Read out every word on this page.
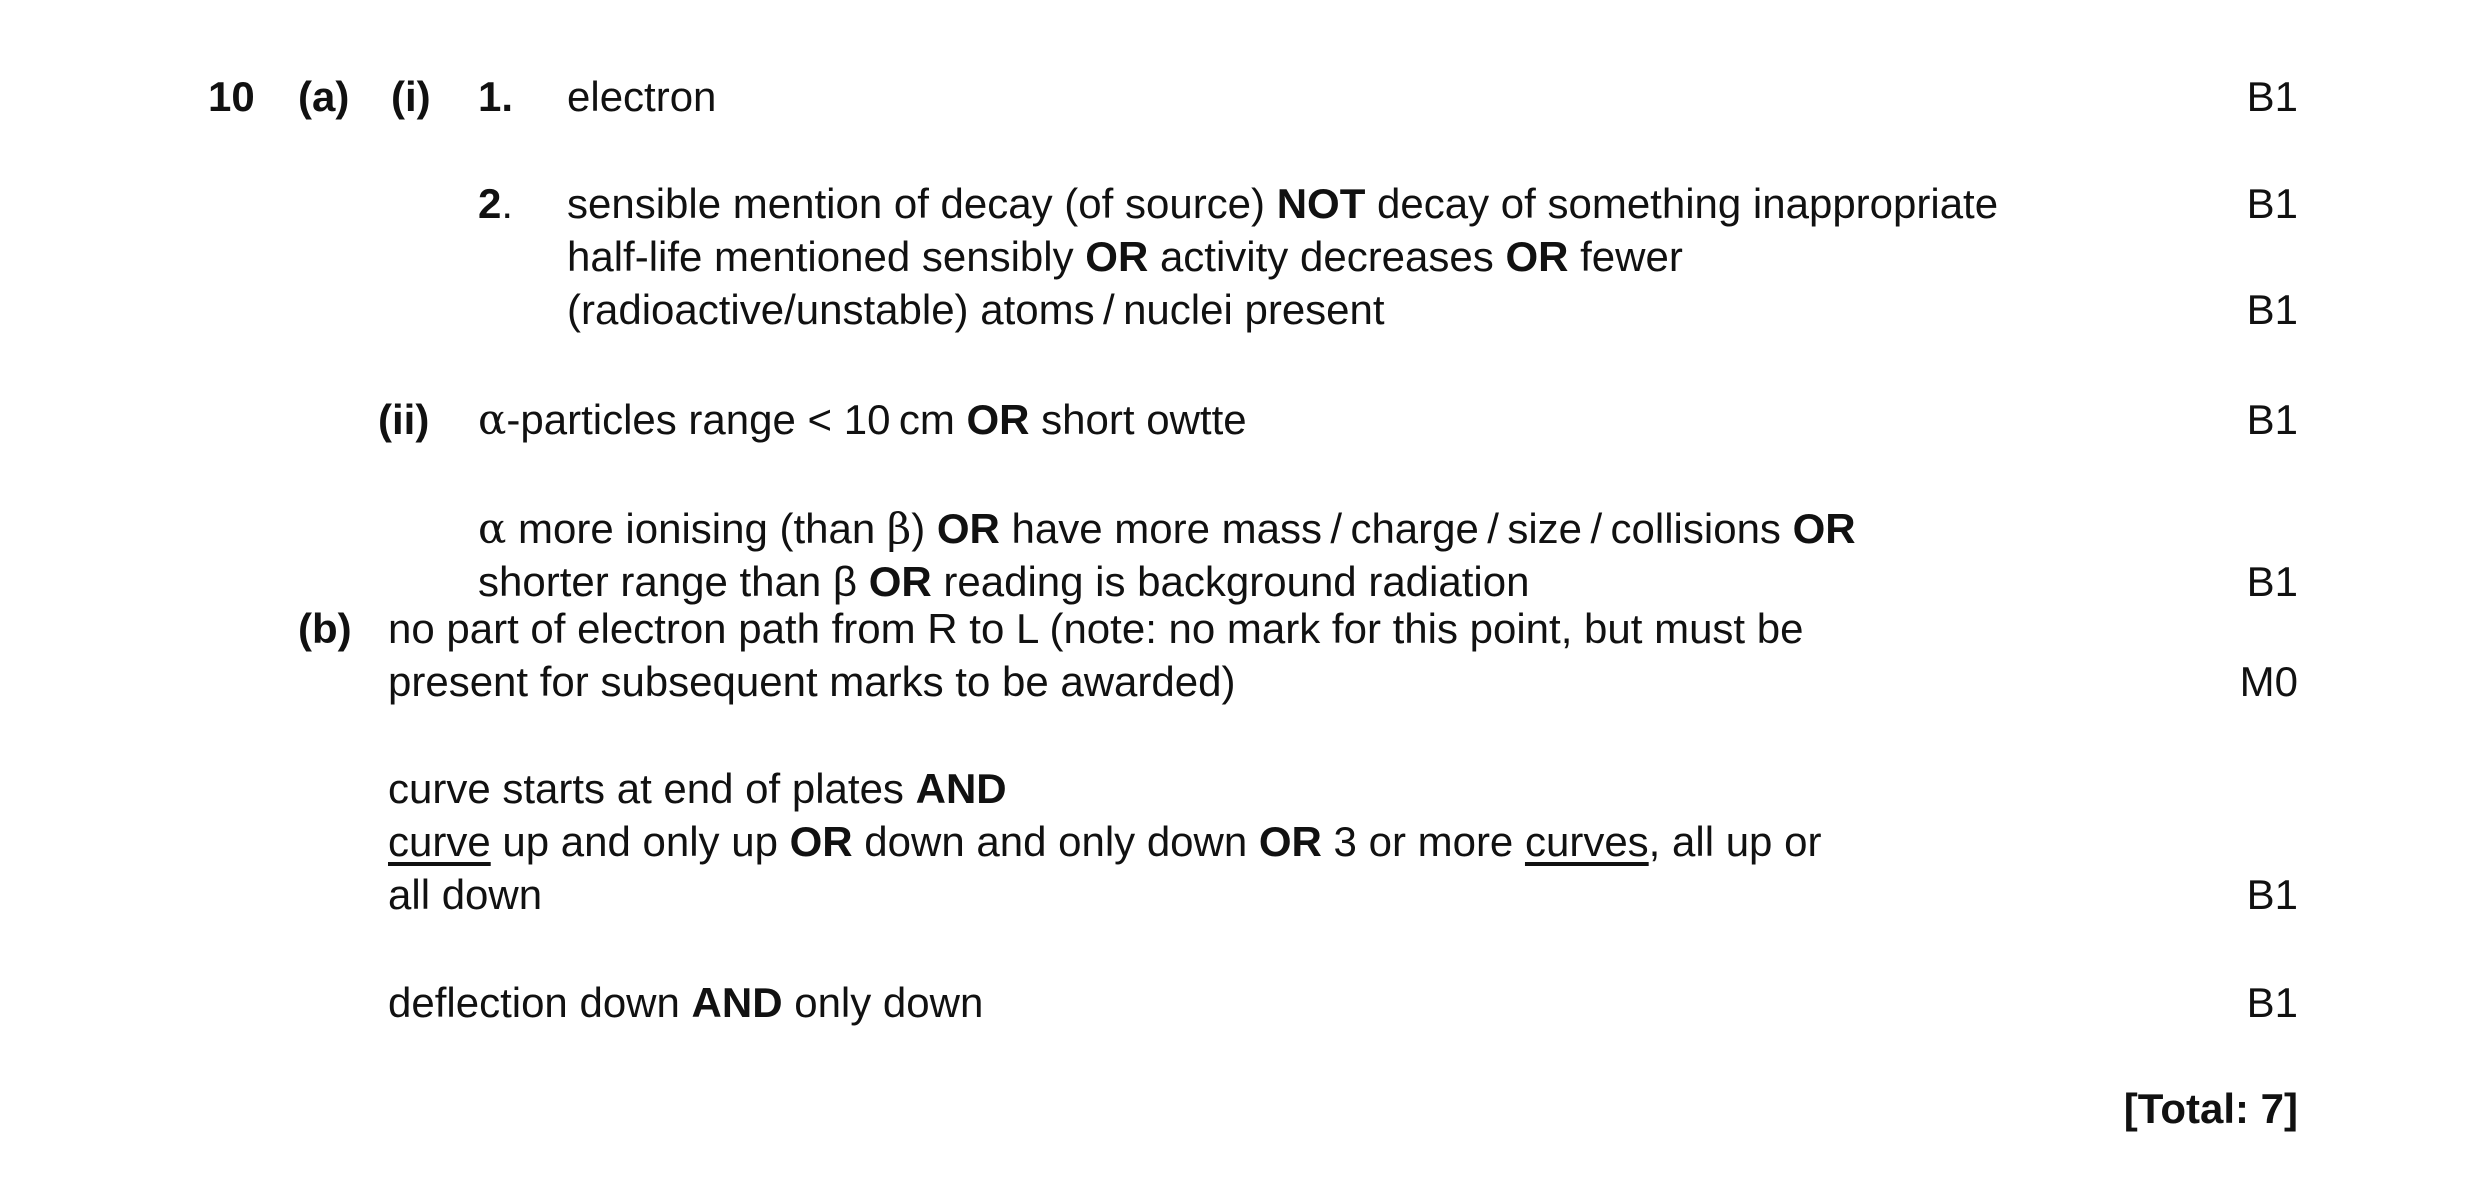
10 (a) (i) 1. electron	B1
2. sensible mention of decay (of source) NOT decay of something inappropriate	B1
half-life mentioned sensibly OR activity decreases OR fewer
(radioactive/unstable) atoms / nuclei present	B1
(ii) α-particles range < 10 cm OR short owtte	B1
α more ionising (than β) OR have more mass / charge / size / collisions OR
shorter range than β OR reading is background radiation	B1
(b) no part of electron path from R to L (note: no mark for this point, but must be
present for subsequent marks to be awarded)	M0
curve starts at end of plates AND
curve up and only up OR down and only down OR 3 or more curves, all up or
all down	B1
deflection down AND only down	B1
[Total: 7]
